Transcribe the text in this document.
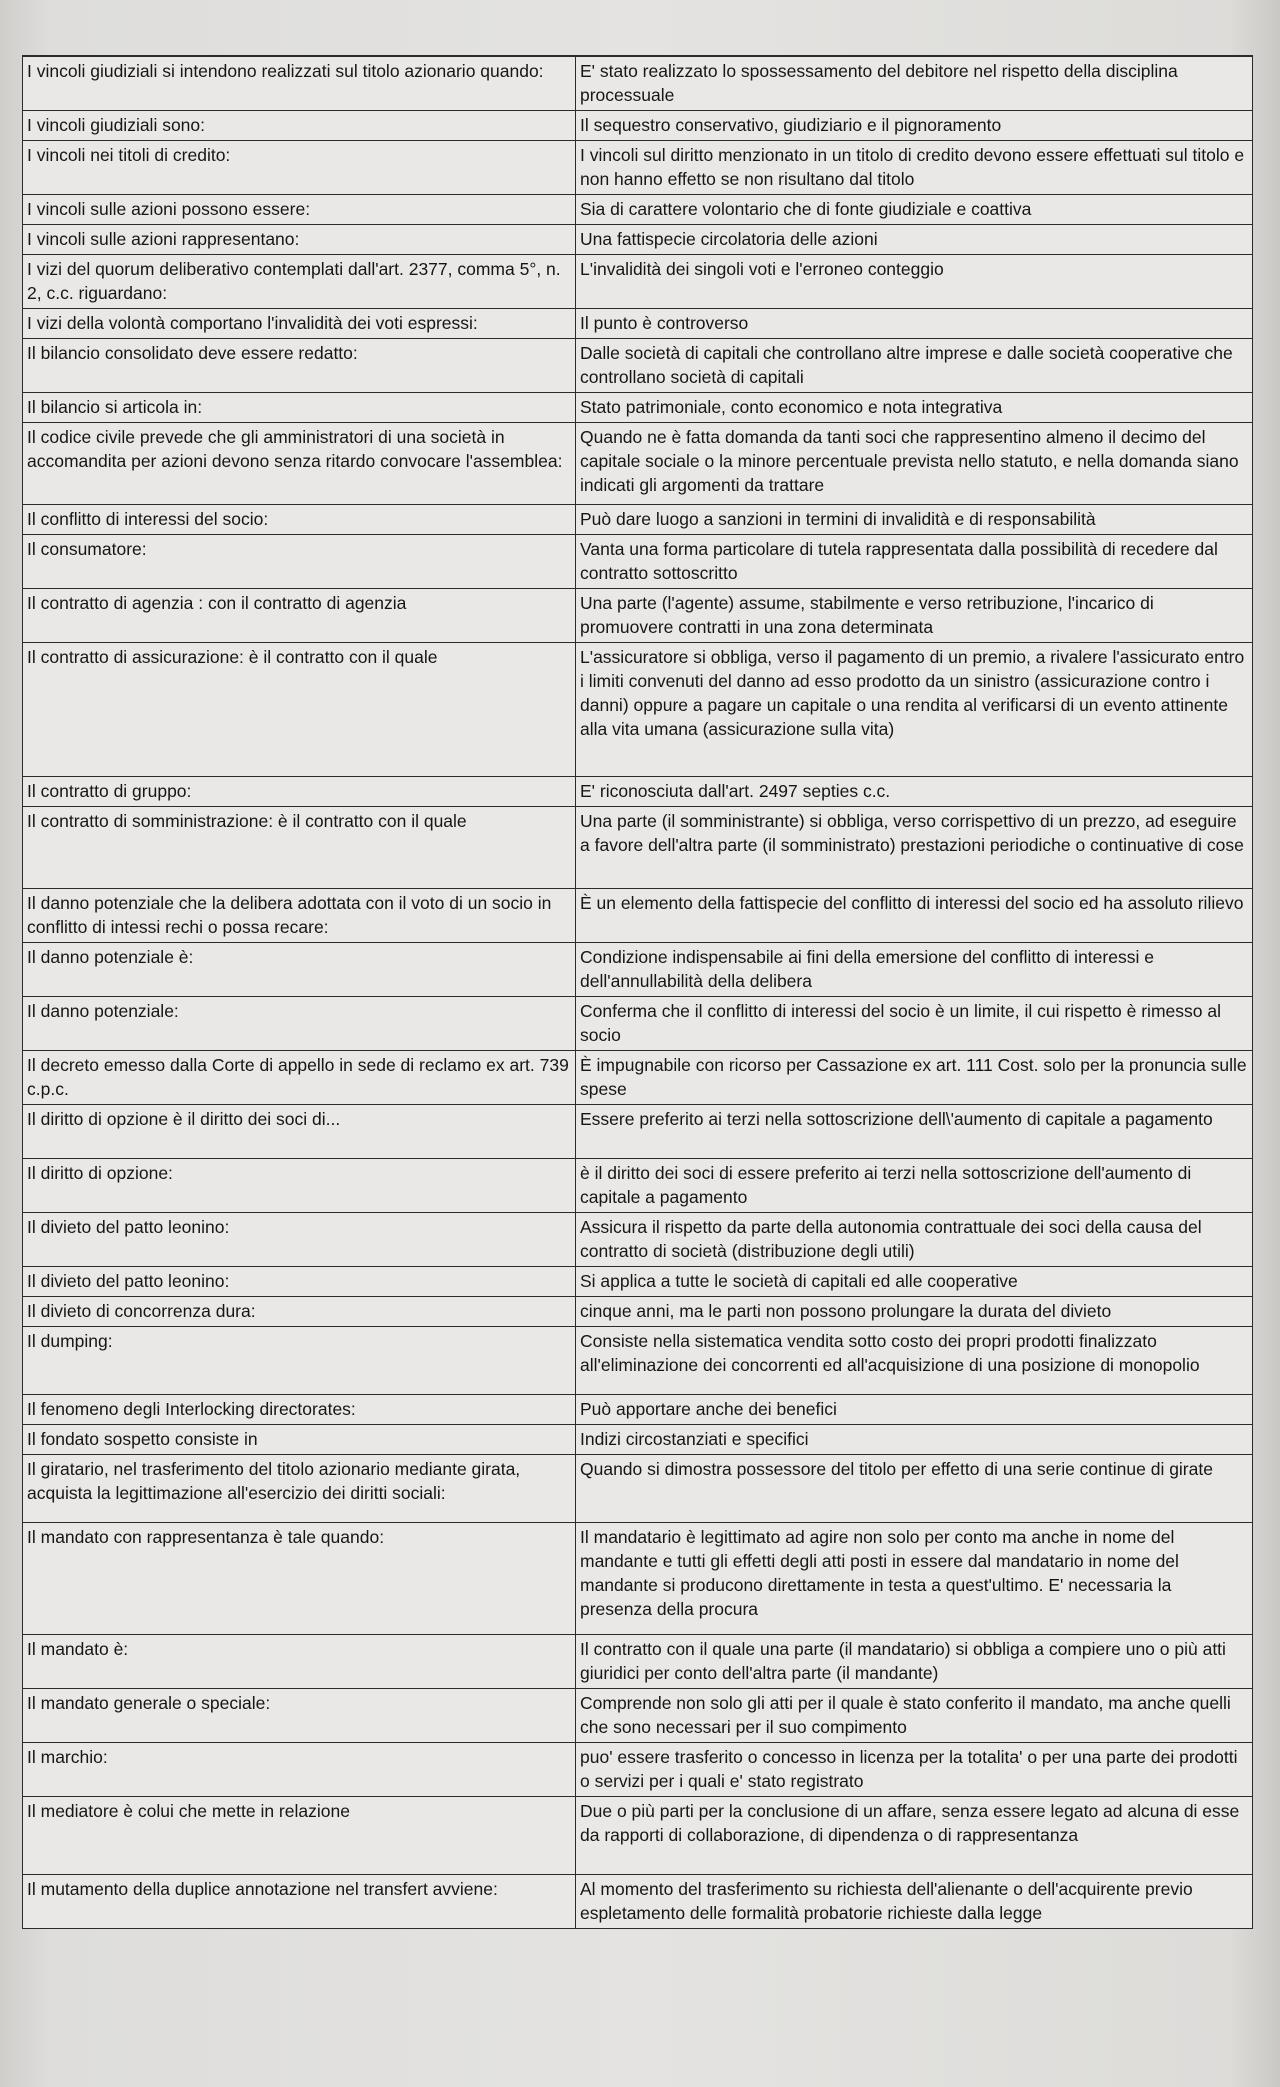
I vincoli giudiziali si intendono realizzati sul titolo azionario quando:	E' stato realizzato lo spossessamento del debitore nel rispetto della disciplina processuale
I vincoli giudiziali sono:	Il sequestro conservativo, giudiziario e il pignoramento
I vincoli nei titoli di credito:	I vincoli sul diritto menzionato in un titolo di credito devono essere effettuati sul titolo e non hanno effetto se non risultano dal titolo
I vincoli sulle azioni possono essere:	Sia di carattere volontario che di fonte giudiziale e coattiva
I vincoli sulle azioni rappresentano:	Una fattispecie circolatoria delle azioni
I vizi del quorum deliberativo contemplati dall'art. 2377, comma 5°, n. 2, c.c. riguardano:	L'invalidità dei singoli voti e l'erroneo conteggio
I vizi della volontà comportano l'invalidità dei voti espressi:	Il punto è controverso
Il bilancio consolidato deve essere redatto:	Dalle società di capitali che controllano altre imprese e dalle società cooperative che controllano società di capitali
Il bilancio si articola in:	Stato patrimoniale, conto economico e nota integrativa
Il codice civile prevede che gli amministratori di una società in accomandita per azioni devono senza ritardo convocare l'assemblea:	Quando ne è fatta domanda da tanti soci che rappresentino almeno il decimo del capitale sociale o la minore percentuale prevista nello statuto, e nella domanda siano indicati gli argomenti da trattare
Il conflitto di interessi del socio:	Può dare luogo a sanzioni in termini di invalidità e di responsabilità
Il consumatore:	Vanta una forma particolare di tutela rappresentata dalla possibilità di recedere dal contratto sottoscritto
Il contratto di agenzia : con il contratto di agenzia	Una parte (l'agente) assume, stabilmente e verso retribuzione, l'incarico di promuovere contratti in una zona determinata
Il contratto di assicurazione: è il contratto con il quale	L'assicuratore si obbliga, verso il pagamento di un premio, a rivalere l'assicurato entro i limiti convenuti del danno ad esso prodotto da un sinistro (assicurazione contro i danni) oppure a pagare un capitale o una rendita al verificarsi di un evento attinente alla vita umana (assicurazione sulla vita)
Il contratto di gruppo:	E' riconosciuta dall'art. 2497 septies c.c.
Il contratto di somministrazione: è il contratto con il quale	Una parte (il somministrante) si obbliga, verso corrispettivo di un prezzo, ad eseguire a favore dell'altra parte (il somministrato) prestazioni periodiche o continuative di cose
Il danno potenziale che la delibera adottata con il voto di un socio in conflitto di intessi rechi o possa recare:	È un elemento della fattispecie del conflitto di interessi del socio ed ha assoluto rilievo
Il danno potenziale è:	Condizione indispensabile ai fini della emersione del conflitto di interessi e dell'annullabilità della delibera
Il danno potenziale:	Conferma che il conflitto di interessi del socio è un limite, il cui rispetto è rimesso al socio
Il decreto emesso dalla Corte di appello in sede di reclamo ex art. 739 c.p.c.	È impugnabile con ricorso per Cassazione ex art. 111 Cost. solo per la pronuncia sulle spese
Il diritto di opzione è il diritto dei soci di...	Essere preferito ai terzi nella sottoscrizione dell\'aumento di capitale a pagamento
Il diritto di opzione:	è il diritto dei soci di essere preferito ai terzi nella sottoscrizione dell'aumento di capitale a pagamento
Il divieto del patto leonino:	Assicura il rispetto da parte della autonomia contrattuale dei soci della causa del contratto di società (distribuzione degli utili)
Il divieto del patto leonino:	Si applica a tutte le società di capitali ed alle cooperative
Il divieto di concorrenza dura:	cinque anni, ma le parti non possono prolungare la durata del divieto
Il dumping:	Consiste nella sistematica vendita sotto costo dei propri prodotti finalizzato all'eliminazione dei concorrenti ed all'acquisizione di una posizione di monopolio
Il fenomeno degli Interlocking directorates:	Può apportare anche dei benefici
Il fondato sospetto consiste in	Indizi circostanziati e specifici
Il giratario, nel trasferimento del titolo azionario mediante girata, acquista la legittimazione all'esercizio dei diritti sociali:	Quando si dimostra possessore del titolo per effetto di una serie continue di girate
Il mandato con rappresentanza è tale quando:	Il mandatario è legittimato ad agire non solo per conto ma anche in nome del mandante e tutti gli effetti degli atti posti in essere dal mandatario in nome del mandante si producono direttamente in testa a quest'ultimo. E' necessaria la presenza della procura
Il mandato è:	Il contratto con il quale una parte (il mandatario) si obbliga a compiere uno o più atti giuridici per conto dell'altra parte (il mandante)
Il mandato generale o speciale:	Comprende non solo gli atti per il quale è stato conferito il mandato, ma anche quelli che sono necessari per il suo compimento
Il marchio:	puo' essere trasferito o concesso in licenza per la totalita' o per una parte dei prodotti o servizi per i quali e' stato registrato
Il mediatore è colui che mette in relazione	Due o più parti per la conclusione di un affare, senza essere legato ad alcuna di esse da rapporti di collaborazione, di dipendenza o di rappresentanza
Il mutamento della duplice annotazione nel transfert avviene:	Al momento del trasferimento su richiesta dell'alienante o dell'acquirente previo espletamento delle formalità probatorie richieste dalla legge
